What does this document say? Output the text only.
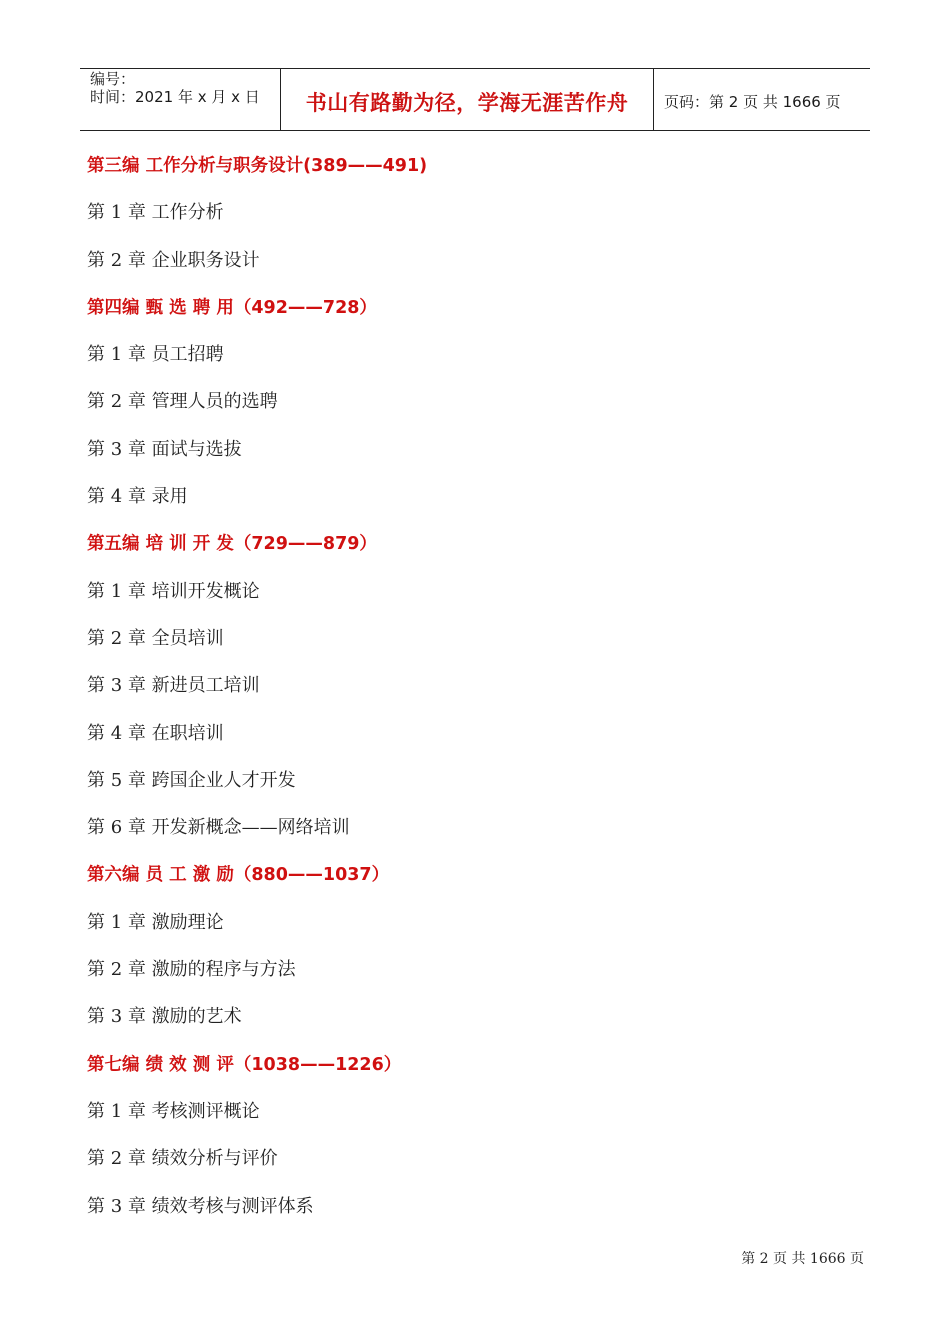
编号：
时间：2021 年 x 月 x 日	书山有路勤为径，学海无涯苦作舟	页码：第 2 页 共 1666 页
第三编 工作分析与职务设计(389——491)
第 1 章 工作分析
第 2 章 企业职务设计
第四编 甄 选 聘 用（492——728）
第 1 章 员工招聘
第 2 章 管理人员的选聘
第 3 章 面试与选拔
第 4 章 录用
第五编 培 训 开 发（729——879）
第 1 章 培训开发概论
第 2 章 全员培训
第 3 章 新进员工培训
第 4 章 在职培训
第 5 章 跨国企业人才开发
第 6 章 开发新概念——网络培训
第六编 员 工 激 励（880——1037）
第 1 章 激励理论
第 2 章 激励的程序与方法
第 3 章 激励的艺术
第七编 绩 效 测 评（1038——1226）
第 1 章 考核测评概论
第 2 章 绩效分析与评价
第 3 章 绩效考核与测评体系
第 2 页 共 1666 页
